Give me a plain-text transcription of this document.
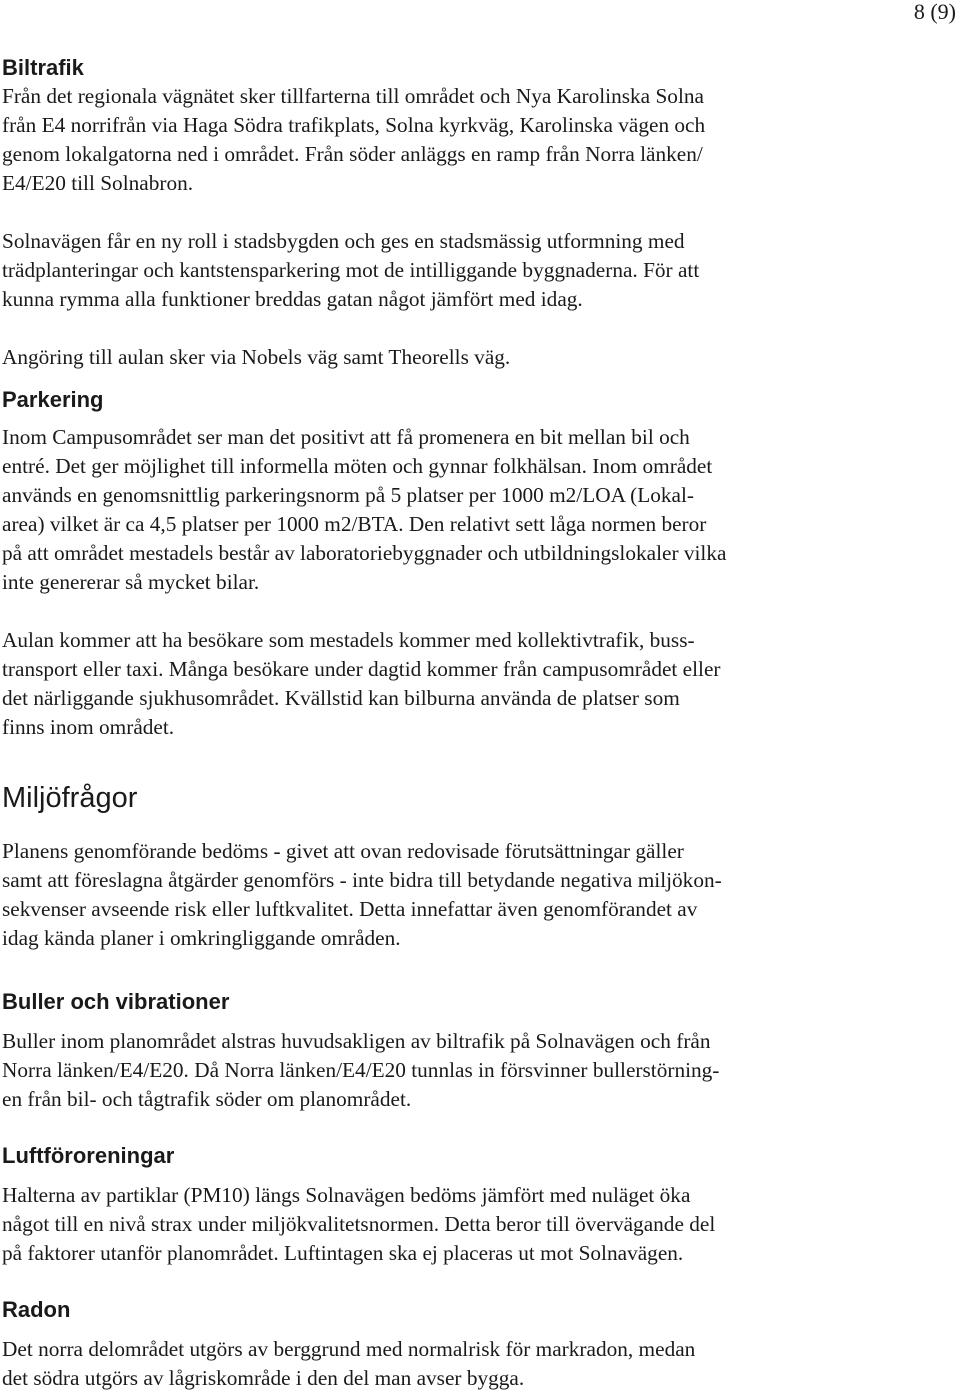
8 (9)
Biltrafik

Från det regionala vägnätet sker tillfarterna till området och Nya Karolinska Solna
från E4 norrifrån via Haga Södra trafikplats, Solna kyrkväg, Karolinska vägen och
genom lokalgatorna ned i området. Från söder anläggs en ramp från Norra länken/
E4/E20 till Solnabron.

Solnavägen får en ny roll i stadsbygden och ges en stadsmässig utformning med
trädplanteringar och kantstensparkering mot de intilliggande byggnaderna. För att
kunna rymma alla funktioner breddas gatan något jämfört med idag.

Angöring till aulan sker via Nobels väg samt Theorells väg.

Parkering

Inom Campusområdet ser man det positivt att få promenera en bit mellan bil och
entré. Det ger möjlighet till informella möten och gynnar folkhälsan. Inom området
används en genomsnittlig parkeringsnorm på 5 platser per 1000 m2/LOA (Lokal-
area) vilket är ca 4,5 platser per 1000 m2/BTA. Den relativt sett låga normen beror
på att området mestadels består av laboratoriebyggnader och utbildningslokaler vilka
inte genererar så mycket bilar.

Aulan kommer att ha besökare som mestadels kommer med kollektivtrafik, buss-
transport eller taxi. Många besökare under dagtid kommer från campusområdet eller
det närliggande sjukhusområdet. Kvällstid kan bilburna använda de platser som
finns inom området.

Miljöfrågor

Planens genomförande bedöms - givet att ovan redovisade förutsättningar gäller
samt att föreslagna åtgärder genomförs - inte bidra till betydande negativa miljökon-
sekvenser avseende risk eller luftkvalitet. Detta innefattar även genomförandet av
idag kända planer i omkringliggande områden.

Buller och vibrationer

Buller inom planområdet alstras huvudsakligen av biltrafik på Solnavägen och från
Norra länken/E4/E20. Då Norra länken/E4/E20 tunnlas in försvinner bullerstörning-
en från bil- och tågtrafik söder om planområdet.

Luftföroreningar

Halterna av partiklar (PM10) längs Solnavägen bedöms jämfört med nuläget öka
något till en nivå strax under miljökvalitetsnormen. Detta beror till övervägande del
på faktorer utanför planområdet. Luftintagen ska ej placeras ut mot Solnavägen.

Radon

Det norra delområdet utgörs av berggrund med normalrisk för markradon, medan
det södra utgörs av lågriskområde i den del man avser bygga.
